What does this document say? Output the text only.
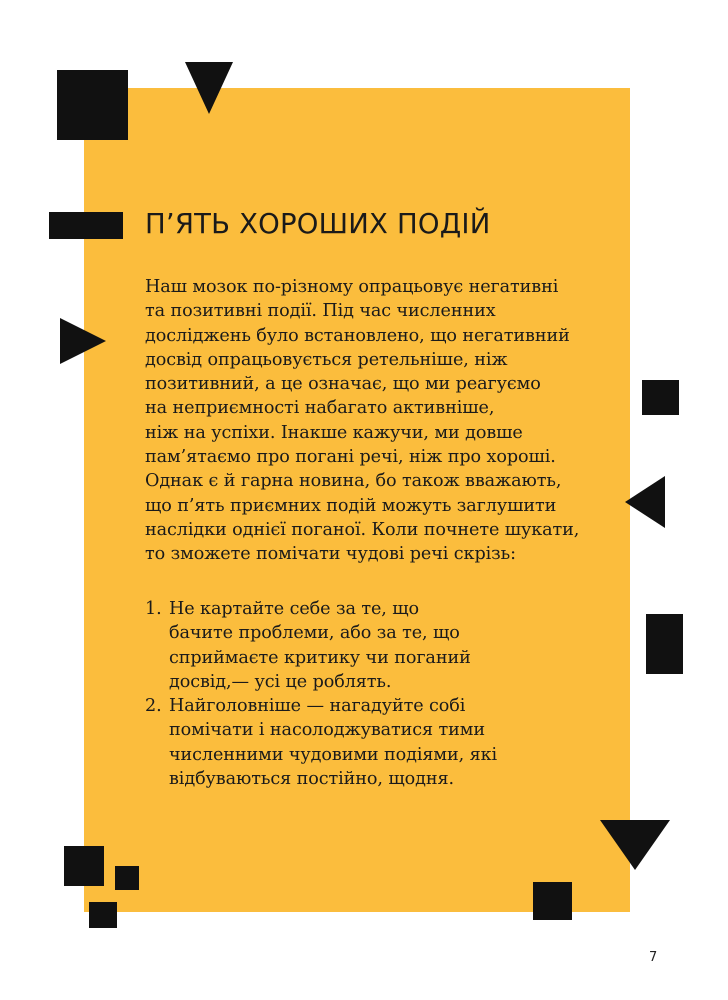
П’ЯТЬ ХОРОШИХ ПОДІЙ

Наш мозок по-різному опрацьовує негативні
та позитивні події. Під час численних
досліджень було встановлено, що негативний
досвід опрацьовується ретельніше, ніж
позитивний, а це означає, що ми реагуємо
на неприємності набагато активніше,
ніж на успіхи. Інакше кажучи, ми довше
пам’ятаємо про погані речі, ніж про хороші.
Однак є й гарна новина, бо також вважають,
що п’ять приємних подій можуть заглушити
наслідки однієї поганої. Коли почнете шукати,
то зможете помічати чудові речі скрізь:

1. Не картайте себе за те, що
бачите проблеми, або за те, що
сприймаєте критику чи поганий
досвід,— усі це роблять.
2. Найголовніше — нагадуйте собі
помічати і насолоджуватися тими
численними чудовими подіями, які
відбуваються постійно, щодня.
7
